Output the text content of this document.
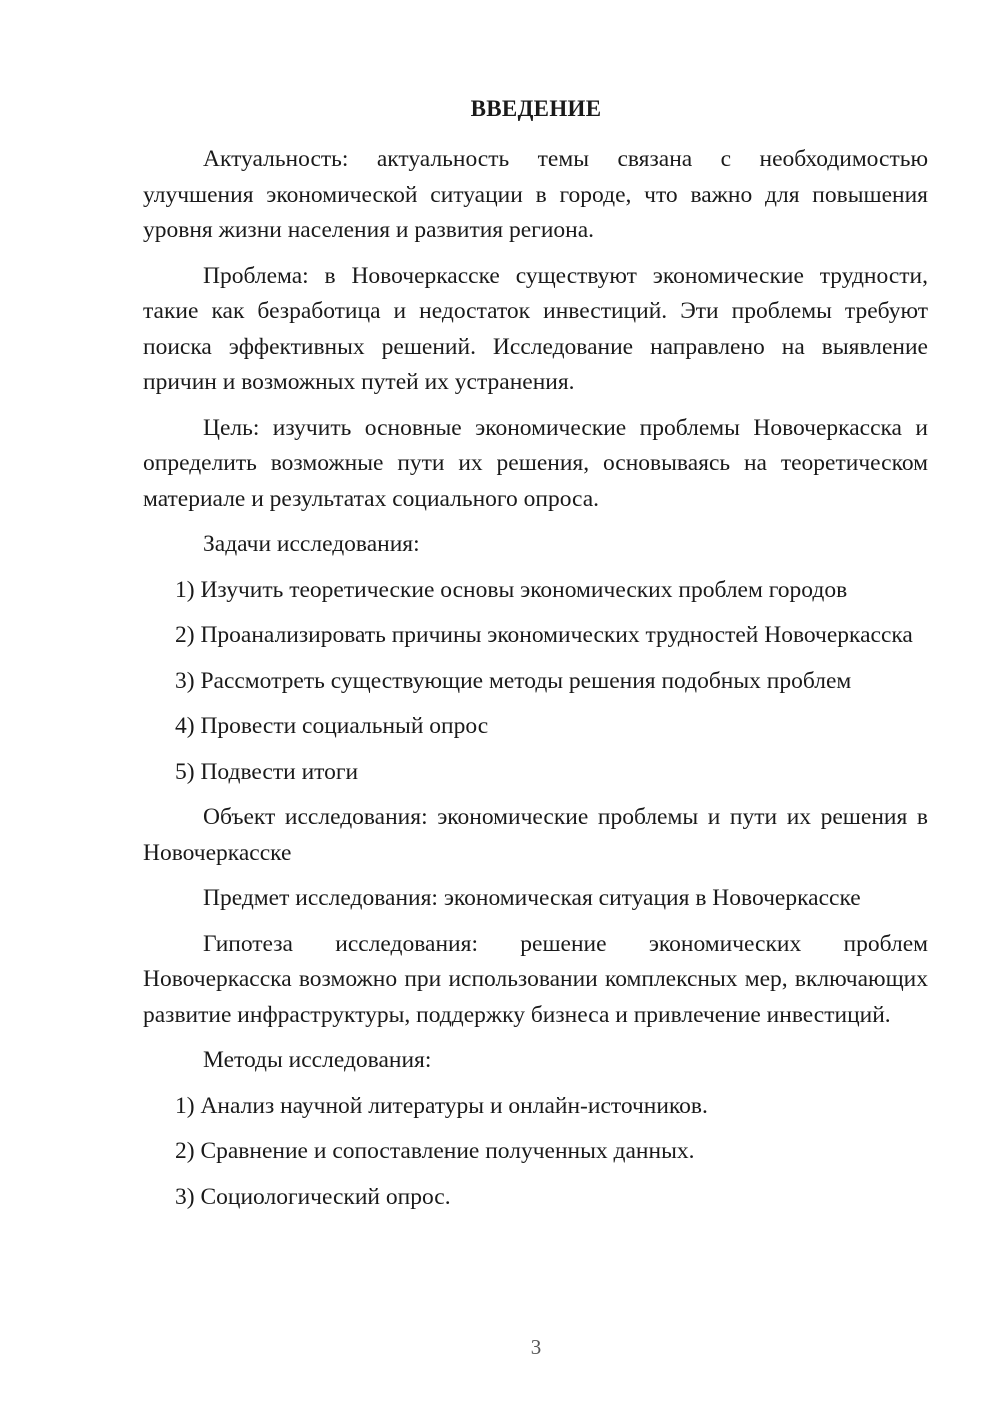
ВВЕДЕНИЕ

Актуальность: актуальность темы связана с необходимостью улучшения экономической ситуации в городе, что важно для повышения уровня жизни населения и развития региона.

Проблема: в Новочеркасске существуют экономические трудности, такие как безработица и недостаток инвестиций. Эти проблемы требуют поиска эффективных решений. Исследование направлено на выявление причин и возможных путей их устранения.

Цель: изучить основные экономические проблемы Новочеркасска и определить возможные пути их решения, основываясь на теоретическом материале и результатах социального опроса.

Задачи исследования:

1) Изучить теоретические основы экономических проблем городов

2) Проанализировать причины экономических трудностей Новочеркасска

3) Рассмотреть существующие методы решения подобных проблем

4) Провести социальный опрос

5) Подвести итоги

Объект исследования: экономические проблемы и пути их решения в Новочеркасске

Предмет исследования: экономическая ситуация в Новочеркасске

Гипотеза исследования: решение экономических проблем Новочеркасска возможно при использовании комплексных мер, включающих развитие инфраструктуры, поддержку бизнеса и привлечение инвестиций.

Методы исследования:

1) Анализ научной литературы и онлайн-источников.

2) Сравнение и сопоставление полученных данных.

3) Социологический опрос.

3
